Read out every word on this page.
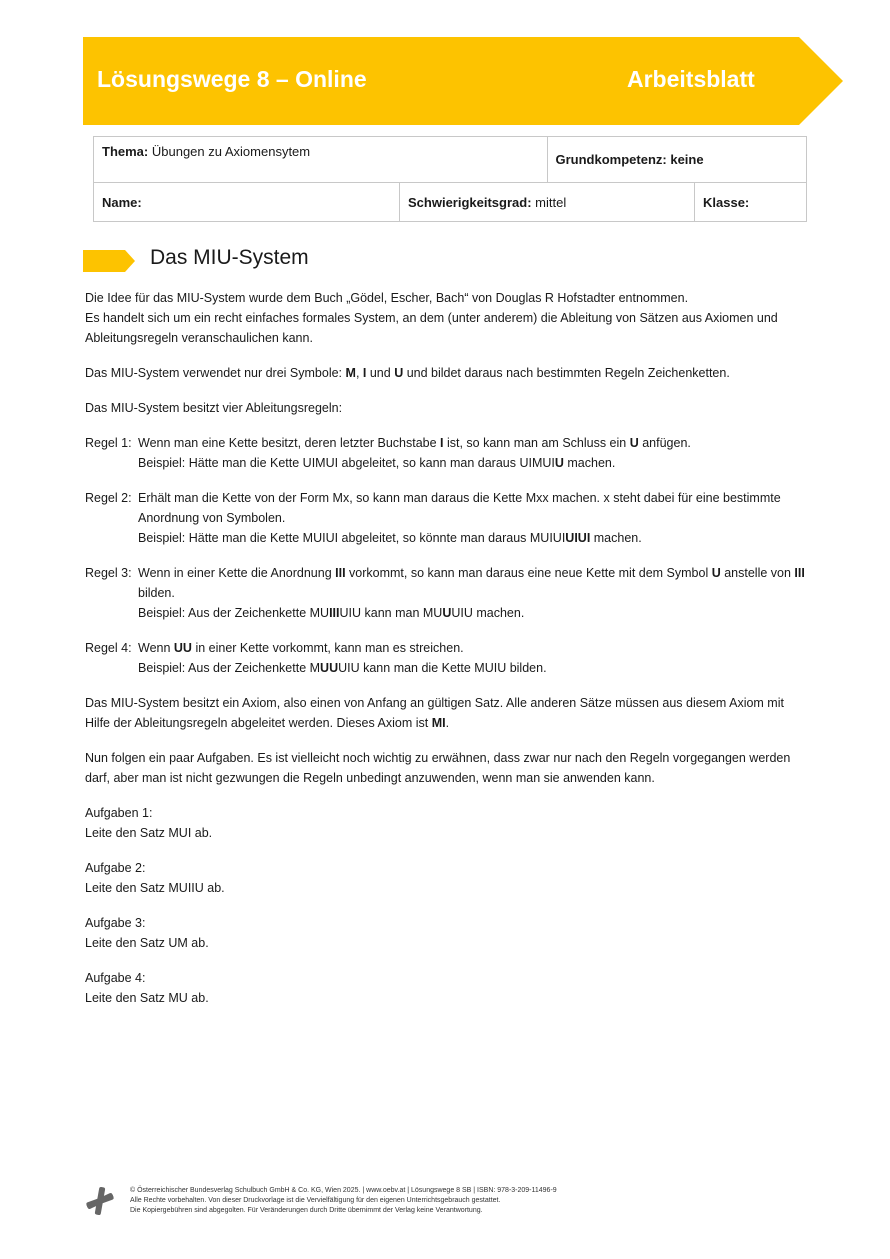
Lösungswege 8 – Online	Arbeitsblatt
Thema: Übungen zu Axiomensytem		Grundkompetenz: keine	
Name:	Schwierigkeitsgrad: mittel		Klasse:
Das MIU-System

Die Idee für das MIU-System wurde dem Buch „Gödel, Escher, Bach“ von Douglas R Hofstadter entnommen.
Es handelt sich um ein recht einfaches formales System, an dem (unter anderem) die Ableitung von Sätzen aus Axiomen und Ableitungsregeln veranschaulichen kann.

Das MIU-System verwendet nur drei Symbole: M, I und U und bildet daraus nach bestimmten Regeln Zeichenketten.

Das MIU-System besitzt vier Ableitungsregeln:

Regel 1: Wenn man eine Kette besitzt, deren letzter Buchstabe I ist, so kann man am Schluss ein U anfügen.
Beispiel: Hätte man die Kette UIMUI abgeleitet, so kann man daraus UIMUIU machen.
Regel 2: Erhält man die Kette von der Form Mx, so kann man daraus die Kette Mxx machen. x steht dabei für eine bestimmte Anordnung von Symbolen.
Beispiel: Hätte man die Kette MUIUI abgeleitet, so könnte man daraus MUIUIUIUI machen.
Regel 3: Wenn in einer Kette die Anordnung III vorkommt, so kann man daraus eine neue Kette mit dem Symbol U anstelle von III bilden.
Beispiel: Aus der Zeichenkette MUIIIUIU kann man MUUUIU machen.
Regel 4: Wenn UU in einer Kette vorkommt, kann man es streichen.
Beispiel: Aus der Zeichenkette MUUUIU kann man die Kette MUIU bilden.

Das MIU-System besitzt ein Axiom, also einen von Anfang an gültigen Satz. Alle anderen Sätze müssen aus diesem Axiom mit Hilfe der Ableitungsregeln abgeleitet werden. Dieses Axiom ist MI.

Nun folgen ein paar Aufgaben. Es ist vielleicht noch wichtig zu erwähnen, dass zwar nur nach den Regeln vorgegangen werden darf, aber man ist nicht gezwungen die Regeln unbedingt anzuwenden, wenn man sie anwenden kann.

Aufgaben 1:
Leite den Satz MUI ab.
Aufgabe 2:
Leite den Satz MUIIU ab.
Aufgabe 3:
Leite den Satz UM ab.
Aufgabe 4:
Leite den Satz MU ab.
© Österreichischer Bundesverlag Schulbuch GmbH & Co. KG, Wien 2025. | www.oebv.at | Lösungswege 8 SB | ISBN: 978-3-209-11496-9
Alle Rechte vorbehalten. Von dieser Druckvorlage ist die Vervielfältigung für den eigenen Unterrichtsgebrauch gestattet.
Die Kopiergebühren sind abgegolten. Für Veränderungen durch Dritte übernimmt der Verlag keine Verantwortung.
